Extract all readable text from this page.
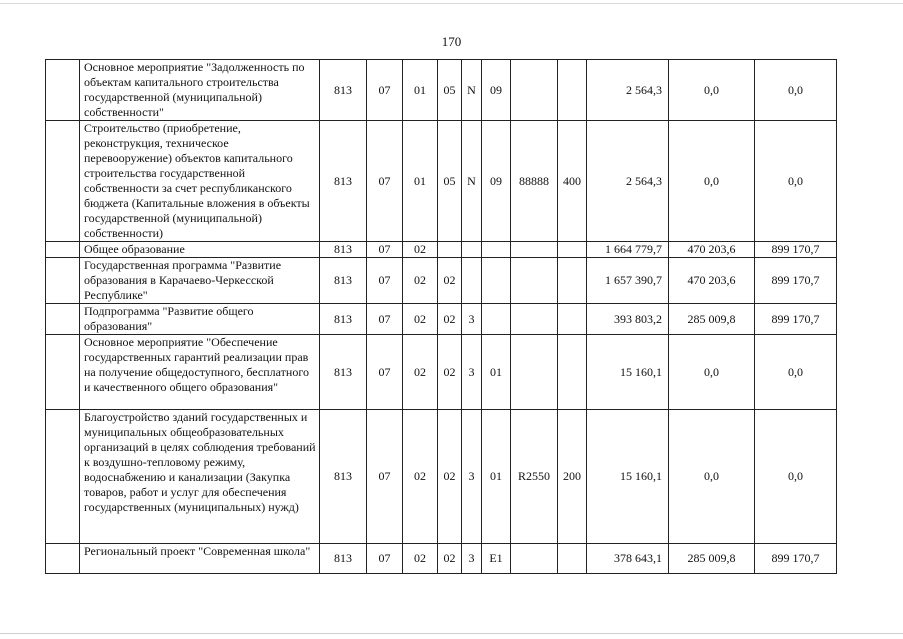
170
	Основное мероприятие "Задолженность по объектам капитального строительства государственной (муниципальной) собственности"	813	07	01	05	N	09			2 564,3	0,0	0,0
	Строительство (приобретение, реконструкция, техническое перевооружение) объектов капитального строительства государственной собственности за счет республиканского бюджета (Капитальные вложения в объекты государственной (муниципальной) собственности)	813	07	01	05	N	09	88888	400	2 564,3	0,0	0,0
	Общее образование	813	07	02						1 664 779,7	470 203,6	899 170,7
	Государственная программа "Развитие образования в Карачаево-Черкесской Республике"	813	07	02	02					1 657 390,7	470 203,6	899 170,7
	Подпрограмма "Развитие общего образования"	813	07	02	02	3				393 803,2	285 009,8	899 170,7
	Основное мероприятие "Обеспечение государственных гарантий реализации прав на получение общедоступного, бесплатного и качественного общего образования"	813	07	02	02	3	01			15 160,1	0,0	0,0
	Благоустройство зданий государственных и муниципальных общеобразовательных организаций в целях соблюдения требований к воздушно-тепловому режиму, водоснабжению и канализации (Закупка товаров, работ и услуг для обеспечения государственных (муниципальных) нужд)	813	07	02	02	3	01	R2550	200	15 160,1	0,0	0,0
	Региональный проект "Современная школа"	813	07	02	02	3	E1			378 643,1	285 009,8	899 170,7
